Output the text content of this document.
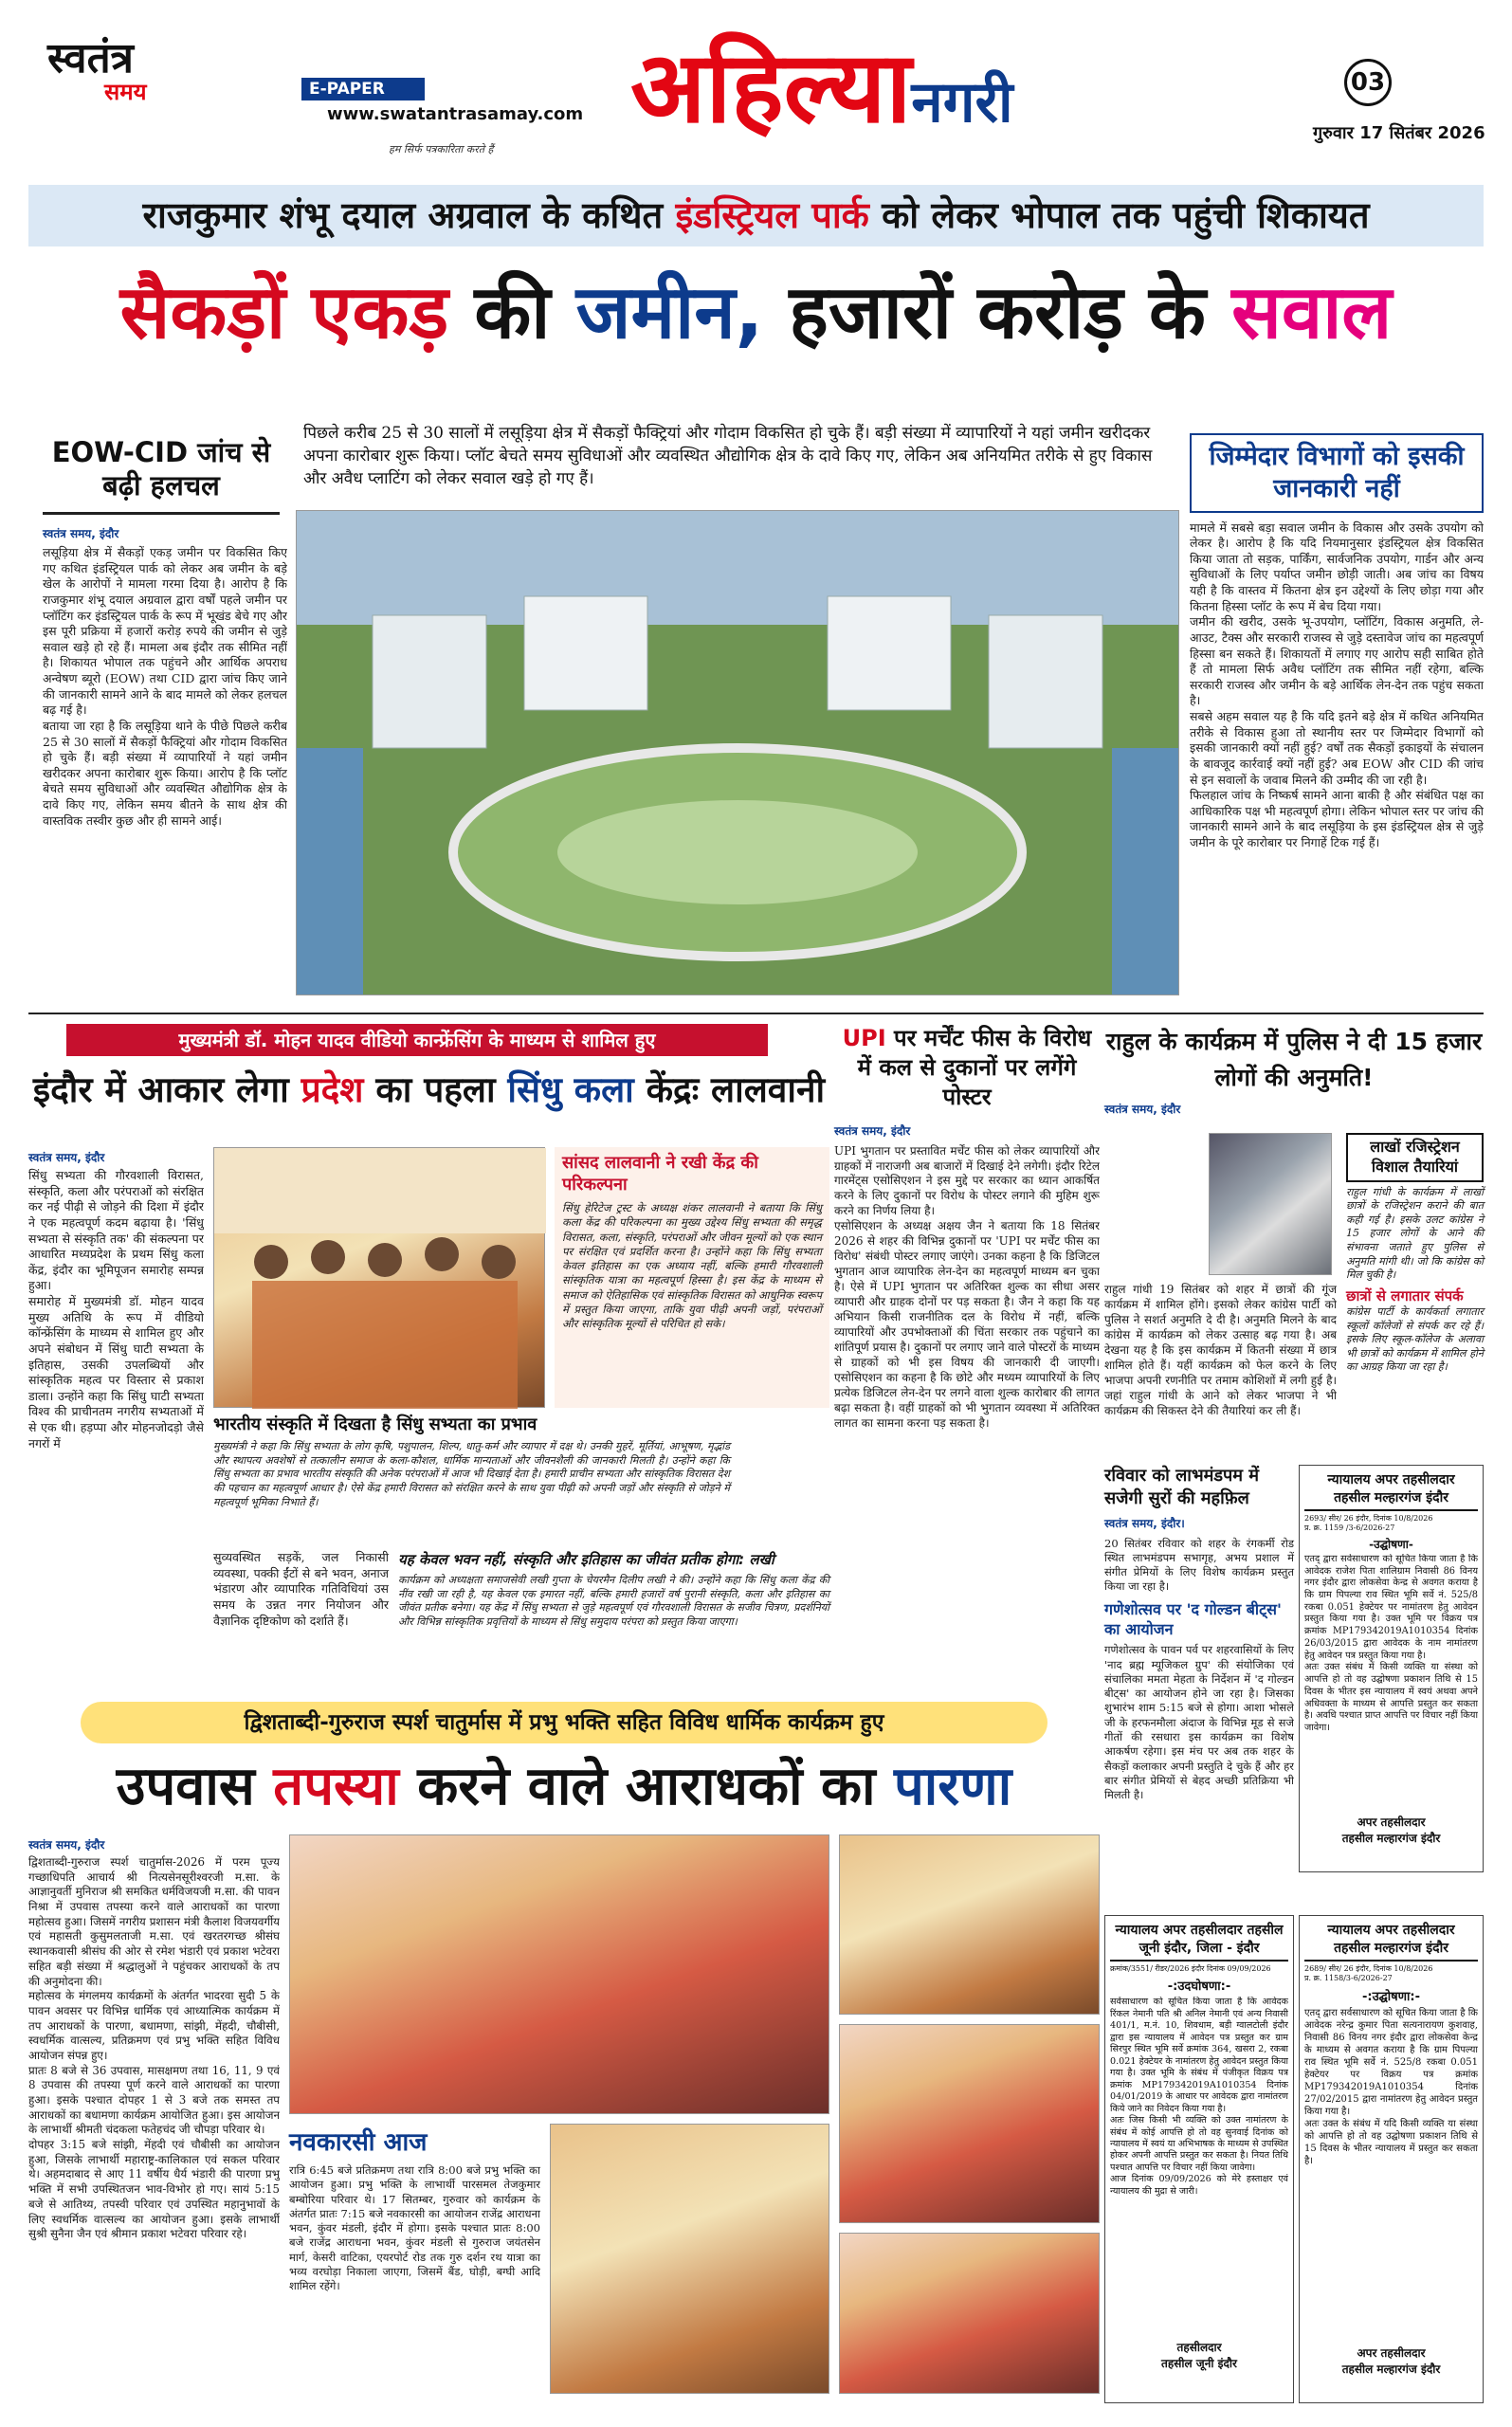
स्वतंत्र
समय	E-PAPER
www.swatantrasamay.com
हम सिर्फ पत्रकारिता करते हैं
अहिल्यानगरी	03
गुरुवार 17 सितंबर 2026
राजकुमार शंभू दयाल अग्रवाल के कथित इंडस्ट्रियल पार्क को लेकर भोपाल तक पहुंची शिकायत
सैकड़ों एकड़ की जमीन, हजारों करोड़ के सवाल
पिछले करीब 25 से 30 सालों में लसूड़िया क्षेत्र में सैकड़ों फैक्ट्रियां और गोदाम विकसित हो चुके हैं। बड़ी संख्या में व्यापारियों ने यहां जमीन खरीदकर अपना कारोबार शुरू किया। प्लॉट बेचते समय सुविधाओं और व्यवस्थित औद्योगिक क्षेत्र के दावे किए गए, लेकिन अब अनियमित तरीके से हुए विकास और अवैध प्लाटिंग को लेकर सवाल खड़े हो गए हैं।
EOW-CID जांच से बढ़ी हलचल
स्वतंत्र समय, इंदौर
लसूड़िया क्षेत्र में सैकड़ों एकड़ जमीन पर विकसित किए गए कथित इंडस्ट्रियल पार्क को लेकर अब जमीन के बड़े खेल के आरोपों ने मामला गरमा दिया है। आरोप है कि राजकुमार शंभू दयाल अग्रवाल द्वारा वर्षों पहले जमीन पर प्लॉटिंग कर इंडस्ट्रियल पार्क के रूप में भूखंड बेचे गए और इस पूरी प्रक्रिया में हजारों करोड़ रुपये की जमीन से जुड़े सवाल खड़े हो रहे हैं। मामला अब इंदौर तक सीमित नहीं है। शिकायत भोपाल तक पहुंचने और आर्थिक अपराध अन्वेषण ब्यूरो (EOW) तथा CID द्वारा जांच किए जाने की जानकारी सामने आने के बाद मामले को लेकर हलचल बढ़ गई है।
बताया जा रहा है कि लसूड़िया थाने के पीछे पिछले करीब 25 से 30 सालों में सैकड़ों फैक्ट्रियां और गोदाम विकसित हो चुके हैं। बड़ी संख्या में व्यापारियों ने यहां जमीन खरीदकर अपना कारोबार शुरू किया। आरोप है कि प्लॉट बेचते समय सुविधाओं और व्यवस्थित औद्योगिक क्षेत्र के दावे किए गए, लेकिन समय बीतने के साथ क्षेत्र की वास्तविक तस्वीर कुछ और ही सामने आई।
जिम्मेदार विभागों को इसकी जानकारी नहीं
मामले में सबसे बड़ा सवाल जमीन के विकास और उसके उपयोग को लेकर है। आरोप है कि यदि नियमानुसार इंडस्ट्रियल क्षेत्र विकसित किया जाता तो सड़क, पार्किंग, सार्वजनिक उपयोग, गार्डन और अन्य सुविधाओं के लिए पर्याप्त जमीन छोड़ी जाती। अब जांच का विषय यही है कि वास्तव में कितना क्षेत्र इन उद्देश्यों के लिए छोड़ा गया और कितना हिस्सा प्लॉट के रूप में बेच दिया गया।
जमीन की खरीद, उसके भू-उपयोग, प्लॉटिंग, विकास अनुमति, ले-आउट, टैक्स और सरकारी राजस्व से जुड़े दस्तावेज जांच का महत्वपूर्ण हिस्सा बन सकते हैं। शिकायतों में लगाए गए आरोप सही साबित होते हैं तो मामला सिर्फ अवैध प्लॉटिंग तक सीमित नहीं रहेगा, बल्कि सरकारी राजस्व और जमीन के बड़े आर्थिक लेन-देन तक पहुंच सकता है।
सबसे अहम सवाल यह है कि यदि इतने बड़े क्षेत्र में कथित अनियमित तरीके से विकास हुआ तो स्थानीय स्तर पर जिम्मेदार विभागों को इसकी जानकारी क्यों नहीं हुई? वर्षों तक सैकड़ों इकाइयों के संचालन के बावजूद कार्रवाई क्यों नहीं हुई? अब EOW और CID की जांच से इन सवालों के जवाब मिलने की उम्मीद की जा रही है।
फिलहाल जांच के निष्कर्ष सामने आना बाकी है और संबंधित पक्ष का आधिकारिक पक्ष भी महत्वपूर्ण होगा। लेकिन भोपाल स्तर पर जांच की जानकारी सामने आने के बाद लसूड़िया के इस इंडस्ट्रियल क्षेत्र से जुड़े जमीन के पूरे कारोबार पर निगाहें टिक गई हैं।
मुख्यमंत्री डॉ. मोहन यादव वीडियो कान्फ्रेंसिंग के माध्यम से शामिल हुए
इंदौर में आकार लेगा प्रदेश का पहला सिंधु कला केंद्रः लालवानी
स्वतंत्र समय, इंदौर
सिंधु सभ्यता की गौरवशाली विरासत, संस्कृति, कला और परंपराओं को संरक्षित कर नई पीढ़ी से जोड़ने की दिशा में इंदौर ने एक महत्वपूर्ण कदम बढ़ाया है। 'सिंधु सभ्यता से संस्कृति तक' की संकल्पना पर आधारित मध्यप्रदेश के प्रथम सिंधु कला केंद्र, इंदौर का भूमिपूजन समारोह सम्पन्न हुआ।
समारोह में मुख्यमंत्री डॉ. मोहन यादव मुख्य अतिथि के रूप में वीडियो कॉन्फ्रेंसिंग के माध्यम से शामिल हुए और अपने संबोधन में सिंधु घाटी सभ्यता के इतिहास, उसकी उपलब्धियों और सांस्कृतिक महत्व पर विस्तार से प्रकाश डाला। उन्होंने कहा कि सिंधु घाटी सभ्यता विश्व की प्राचीनतम नगरीय सभ्यताओं में से एक थी। हड़प्पा और मोहनजोदड़ो जैसे नगरों में
भारतीय संस्कृति में दिखता है सिंधु सभ्यता का प्रभाव
मुख्यमंत्री ने कहा कि सिंधु सभ्यता के लोग कृषि, पशुपालन, शिल्प, धातु-कर्म और व्यापार में दक्ष थे। उनकी मुहरें, मूर्तियां, आभूषण, मृद्भांड और स्थापत्य अवशेषों से तत्कालीन समाज के कला-कौशल, धार्मिक मान्यताओं और जीवनशैली की जानकारी मिलती है। उन्होंने कहा कि सिंधु सभ्यता का प्रभाव भारतीय संस्कृति की अनेक परंपराओं में आज भी दिखाई देता है। हमारी प्राचीन सभ्यता और सांस्कृतिक विरासत देश की पहचान का महत्वपूर्ण आधार है। ऐसे केंद्र हमारी विरासत को संरक्षित करने के साथ युवा पीढ़ी को अपनी जड़ों और संस्कृति से जोड़ने में महत्वपूर्ण भूमिका निभाते हैं।
सुव्यवस्थित सड़कें, जल निकासी व्यवस्था, पक्की ईंटों से बने भवन, अनाज भंडारण और व्यापारिक गतिविधियां उस समय के उन्नत नगर नियोजन और वैज्ञानिक दृष्टिकोण को दर्शाते हैं।
यह केवल भवन नहीं, संस्कृति और इतिहास का जीवंत प्रतीक होगा: लखी
कार्यक्रम को अध्यक्षता समाजसेवी लखी गुप्ता के चेयरमैन दिलीप लखी ने की। उन्होंने कहा कि सिंधु कला केंद्र की नींव रखी जा रही है, यह केवल एक इमारत नहीं, बल्कि हमारी हजारों वर्ष पुरानी संस्कृति, कला और इतिहास का जीवंत प्रतीक बनेगा। यह केंद्र में सिंधु सभ्यता से जुड़े महत्वपूर्ण एवं गौरवशाली विरासत के सजीव चित्रण, प्रदर्शनियों और विभिन्न सांस्कृतिक प्रवृत्तियों के माध्यम से सिंधु समुदाय परंपरा को प्रस्तुत किया जाएगा।
सांसद लालवानी ने रखी केंद्र की परिकल्पना
सिंधु हेरिटेज ट्रस्ट के अध्यक्ष शंकर लालवानी ने बताया कि सिंधु कला केंद्र की परिकल्पना का मुख्य उद्देश्य सिंधु सभ्यता की समृद्ध विरासत, कला, संस्कृति, परंपराओं और जीवन मूल्यों को एक स्थान पर संरक्षित एवं प्रदर्शित करना है। उन्होंने कहा कि सिंधु सभ्यता केवल इतिहास का एक अध्याय नहीं, बल्कि हमारी गौरवशाली सांस्कृतिक यात्रा का महत्वपूर्ण हिस्सा है। इस केंद्र के माध्यम से समाज को ऐतिहासिक एवं सांस्कृतिक विरासत को आधुनिक स्वरूप में प्रस्तुत किया जाएगा, ताकि युवा पीढ़ी अपनी जड़ों, परंपराओं और सांस्कृतिक मूल्यों से परिचित हो सके।
UPI पर मर्चेंट फीस के विरोध में कल से दुकानों पर लगेंगे पोस्टर
स्वतंत्र समय, इंदौर
UPI भुगतान पर प्रस्तावित मर्चेंट फीस को लेकर व्यापारियों और ग्राहकों में नाराजगी अब बाजारों में दिखाई देने लगेगी। इंदौर रिटेल गारमेंट्स एसोसिएशन ने इस मुद्दे पर सरकार का ध्यान आकर्षित करने के लिए दुकानों पर विरोध के पोस्टर लगाने की मुहिम शुरू करने का निर्णय लिया है।
एसोसिएशन के अध्यक्ष अक्षय जैन ने बताया कि 18 सितंबर 2026 से शहर की विभिन्न दुकानों पर 'UPI पर मर्चेंट फीस का विरोध' संबंधी पोस्टर लगाए जाएंगे। उनका कहना है कि डिजिटल भुगतान आज व्यापारिक लेन-देन का महत्वपूर्ण माध्यम बन चुका है। ऐसे में UPI भुगतान पर अतिरिक्त शुल्क का सीधा असर व्यापारी और ग्राहक दोनों पर पड़ सकता है। जैन ने कहा कि यह अभियान किसी राजनीतिक दल के विरोध में नहीं, बल्कि व्यापारियों और उपभोक्ताओं की चिंता सरकार तक पहुंचाने का शांतिपूर्ण प्रयास है। दुकानों पर लगाए जाने वाले पोस्टरों के माध्यम से ग्राहकों को भी इस विषय की जानकारी दी जाएगी। एसोसिएशन का कहना है कि छोटे और मध्यम व्यापारियों के लिए प्रत्येक डिजिटल लेन-देन पर लगने वाला शुल्क कारोबार की लागत बढ़ा सकता है। वहीं ग्राहकों को भी भुगतान व्यवस्था में अतिरिक्त लागत का सामना करना पड़ सकता है।
राहुल के कार्यक्रम में पुलिस ने दी 15 हजार लोगों की अनुमति!
स्वतंत्र समय, इंदौर
राहुल गांधी 19 सितंबर को शहर में छात्रों की गूंज कार्यक्रम में शामिल होंगे। इसको लेकर कांग्रेस पार्टी को पुलिस ने सशर्त अनुमति दे दी है। अनुमति मिलने के बाद कांग्रेस में कार्यक्रम को लेकर उत्साह बढ़ गया है। अब देखना यह है कि इस कार्यक्रम में कितनी संख्या में छात्र शामिल होते हैं। यहीं कार्यक्रम को फेल करने के लिए भाजपा अपनी रणनीति पर तमाम कोशिशों में लगी हुई है। जहां राहुल गांधी के आने को लेकर भाजपा ने भी कार्यक्रम की सिकस्त देने की तैयारियां कर ली हैं।
लाखों रजिस्ट्रेशन विशाल तैयारियां
राहुल गांधी के कार्यक्रम में लाखों छात्रों के रजिस्ट्रेशन कराने की बात कही गई है। इसके उलट कांग्रेस ने 15 हजार लोगों के आने की संभावना जताते हुए पुलिस से अनुमति मांगी थी। जो कि कांग्रेस को मिल चुकी है।
छात्रों से लगातार संपर्क
कांग्रेस पार्टी के कार्यकर्ता लगातार स्कूलों कॉलेजों से संपर्क कर रहे हैं। इसके लिए स्कूल-कॉलेज के अलावा भी छात्रों को कार्यक्रम में शामिल होने का आग्रह किया जा रहा है।
रविवार को लाभमंडपम में सजेगी सुरों की महफ़िल
स्वतंत्र समय, इंदौर।
20 सितंबर रविवार को शहर के रंगकर्मी रोड स्थित लाभमंडपम सभागृह, अभय प्रशाल में संगीत प्रेमियों के लिए विशेष कार्यक्रम प्रस्तुत किया जा रहा है।
गणेशोत्सव पर 'द गोल्डन बीट्स' का आयोजन
गणेशोत्सव के पावन पर्व पर शहरवासियों के लिए 'नाद ब्रह्म म्यूजिकल ग्रुप' की संयोजिका एवं संचालिका ममता मेहता के निर्देशन में 'द गोल्डन बीट्स' का आयोजन होने जा रहा है। जिसका शुभारंभ शाम 5:15 बजे से होगा। आशा भोसले जी के हरफनमौला अंदाज के विभिन्न मूड से सजे गीतों की रसधारा इस कार्यक्रम का विशेष आकर्षण रहेगा। इस मंच पर अब तक शहर के सैकड़ों कलाकार अपनी प्रस्तुति दे चुके हैं और हर बार संगीत प्रेमियों से बेहद अच्छी प्रतिक्रिया भी मिलती है।
न्यायालय अपर तहसीलदार
तहसील मल्हारगंज इंदौर
2693/ सीर/ 26 इंदौर, दिनांक 10/8/2026
प्र. क्र. 1159 /3-6/2026-27
-उद्घोषणा-
एतद् द्वारा सर्वसाधारण को सूचित किया जाता है कि आवेदक राजेश पिता शालिग्राम निवासी 86 विनय नगर इंदौर द्वारा लोकसेवा केन्द्र से अवगत कराया है कि ग्राम पिपल्या राव स्थित भूमि सर्वे नं. 525/8 रकबा 0.051 हेक्टेयर पर नामांतरण हेतु आवेदन प्रस्तुत किया गया है। उक्त भूमि पर विक्रय पत्र क्रमांक MP179342019A1010354 दिनांक 26/03/2015 द्वारा आवेदक के नाम नामांतरण हेतु आवेदन पत्र प्रस्तुत किया गया है।
अतः उक्त संबंध में किसी व्यक्ति या संस्था को आपत्ति हो तो वह उद्घोषणा प्रकाशन तिथि से 15 दिवस के भीतर इस न्यायालय में स्वयं अथवा अपने अधिवक्ता के माध्यम से आपत्ति प्रस्तुत कर सकता है। अवधि पश्चात प्राप्त आपत्ति पर विचार नहीं किया जावेगा।
अपर तहसीलदार
तहसील मल्हारगंज इंदौर
द्विशताब्दी-गुरुराज स्पर्श चातुर्मास में प्रभु भक्ति सहित विविध धार्मिक कार्यक्रम हुए
उपवास तपस्या करने वाले आराधकों का पारणा
स्वतंत्र समय, इंदौर
द्विशताब्दी-गुरुराज स्पर्श चातुर्मास-2026 में परम पूज्य गच्छाधिपति आचार्य श्री नित्यसेनसूरीश्वरजी म.सा. के आज्ञानुवर्ती मुनिराज श्री समकित धर्मविजयजी म.सा. की पावन निश्रा में उपवास तपस्या करने वाले आराधकों का पारणा महोत्सव हुआ। जिसमें नगरीय प्रशासन मंत्री कैलाश विजयवर्गीय एवं महासती कुसुमलताजी म.सा. एवं खरतरगच्छ श्रीसंघ स्थानकवासी श्रीसंघ की ओर से रमेश भंडारी एवं प्रकाश भटेवरा सहित बड़ी संख्या में श्रद्धालुओं ने पहुंचकर आराधकों के तप की अनुमोदना की।
महोत्सव के मंगलमय कार्यक्रमों के अंतर्गत भादरवा सुदी 5 के पावन अवसर पर विभिन्न धार्मिक एवं आध्यात्मिक कार्यक्रम में तप आराधकों के पारणा, बधामणा, सांझी, मेंहदी, चौबीसी, स्वधर्मिक वात्सल्य, प्रतिक्रमण एवं प्रभु भक्ति सहित विविध आयोजन संपन्न हुए।
प्रातः 8 बजे से 36 उपवास, मासक्षमण तथा 16, 11, 9 एवं 8 उपवास की तपस्या पूर्ण करने वाले आराधकों का पारणा हुआ। इसके पश्चात दोपहर 1 से 3 बजे तक समस्त तप आराधकों का बधामणा कार्यक्रम आयोजित हुआ। इस आयोजन के लाभार्थी श्रीमती चंदकला फतेहचंद जी चौपड़ा परिवार थे।
दोपहर 3:15 बजे सांझी, मेंहदी एवं चौबीसी का आयोजन हुआ, जिसके लाभार्थी महाराष्ट्र-कालिकाल एवं सकल परिवार थे। अहमदाबाद से आए 11 वर्षीय धैर्य भंडारी की पारणा प्रभु भक्ति में सभी उपस्थितजन भाव-विभोर हो गए। सायं 5:15 बजे से आतिथ्य, तपस्वी परिवार एवं उपस्थित महानुभावों के लिए स्वधर्मिक वात्सल्य का आयोजन हुआ। इसके लाभार्थी सुश्री सुनैना जैन एवं श्रीमान प्रकाश भटेवरा परिवार रहे।
नवकारसी आज
रात्रि 6:45 बजे प्रतिक्रमण तथा रात्रि 8:00 बजे प्रभु भक्ति का आयोजन हुआ। प्रभु भक्ति के लाभार्थी पारसमल तेजकुमार बम्बोरिया परिवार थे। 17 सितम्बर, गुरुवार को कार्यक्रम के अंतर्गत प्रातः 7:15 बजे नवकारसी का आयोजन राजेंद्र आराधना भवन, कुंवर मंडली, इंदौर में होगा। इसके पश्चात प्रातः 8:00 बजे राजेंद्र आराधना भवन, कुंवर मंडली से गुरुराज जयंतसेन मार्ग, केसरी वाटिका, एयरपोर्ट रोड तक गुरु दर्शन रथ यात्रा का भव्य वरघोड़ा निकाला जाएगा, जिसमें बैंड, घोड़ी, बग्घी आदि शामिल रहेंगे।
न्यायालय अपर तहसीलदार तहसील
जूनी इंदौर, जिला - इंदौर
क्रमांक/3551/ रीडर/2026 इंदौर दिनांक 09/09/2026
-:उदघोषणा:-
सर्वसाधारण को सूचित किया जाता है कि आवेदक रिंकल नेमानी पति श्री अनिल नेमानी एवं अन्य निवासी 401/1, म.नं. 10, शिवधाम, बड़ी ग्वालटोली इंदौर द्वारा इस न्यायालय में आवेदन पत्र प्रस्तुत कर ग्राम सिरपुर स्थित भूमि सर्वे क्रमांक 364, खसरा 2, रकबा 0.021 हेक्टेयर के नामांतरण हेतु आवेदन प्रस्तुत किया गया है। उक्त भूमि के संबंध में पंजीकृत विक्रय पत्र क्रमांक MP179342019A1010354 दिनांक 04/01/2019 के आधार पर आवेदक द्वारा नामांतरण किये जाने का निवेदन किया गया है।
अतः जिस किसी भी व्यक्ति को उक्त नामांतरण के संबंध में कोई आपत्ति हो तो वह सुनवाई दिनांक को न्यायालय में स्वयं या अभिभाषक के माध्यम से उपस्थित होकर अपनी आपत्ति प्रस्तुत कर सकता है। नियत तिथि पश्चात आपत्ति पर विचार नहीं किया जावेगा।
आज दिनांक 09/09/2026 को मेरे हस्ताक्षर एवं न्यायालय की मुद्रा से जारी।
तहसीलदार
तहसील जूनी इंदौर
न्यायालय अपर तहसीलदार
तहसील मल्हारगंज इंदौर
2689/ सीर/ 26 इंदौर, दिनांक 10/8/2026
प्र. क्र. 1158/3-6/2026-27
-:उद्घोषणा:-
एतद् द्वारा सर्वसाधारण को सूचित किया जाता है कि आवेदक नरेन्द्र कुमार पिता सत्यनारायण कुशवाह, निवासी 86 विनय नगर इंदौर द्वारा लोकसेवा केन्द्र के माध्यम से अवगत कराया है कि ग्राम पिपल्या राव स्थित भूमि सर्वे नं. 525/8 रकबा 0.051 हेक्टेयर पर विक्रय पत्र क्रमांक MP179342019A1010354 दिनांक 27/02/2015 द्वारा नामांतरण हेतु आवेदन प्रस्तुत किया गया है।
अतः उक्त के संबंध में यदि किसी व्यक्ति या संस्था को आपत्ति हो तो वह उद्घोषणा प्रकाशन तिथि से 15 दिवस के भीतर न्यायालय में प्रस्तुत कर सकता है।
अपर तहसीलदार
तहसील मल्हारगंज इंदौर
